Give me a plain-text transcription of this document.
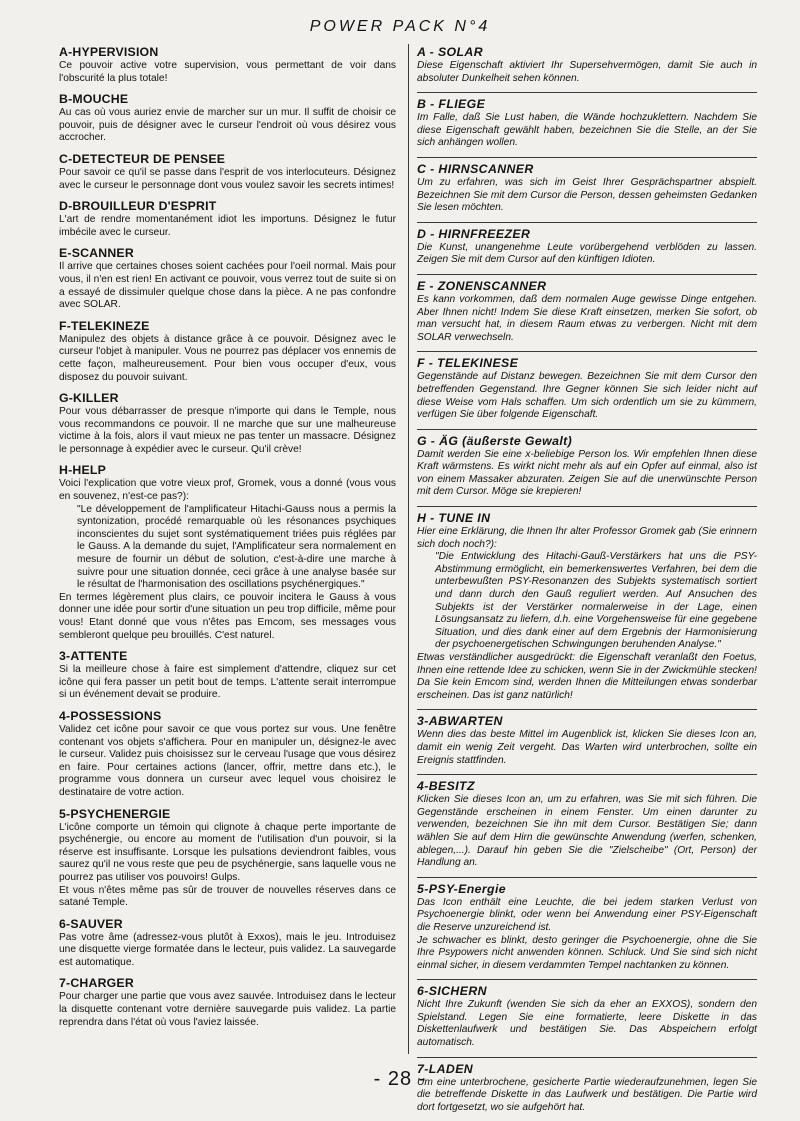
POWER PACK N°4
A-HYPERVISION

Ce pouvoir active votre supervision, vous permettant de voir dans l'obscurité la plus totale!

B-MOUCHE

Au cas où vous auriez envie de marcher sur un mur. Il suffit de choisir ce pouvoir, puis de désigner avec le curseur l'endroit où vous désirez vous accrocher.

C-DETECTEUR DE PENSEE

Pour savoir ce qu'il se passe dans l'esprit de vos interlocuteurs. Désignez avec le curseur le personnage dont vous voulez savoir les secrets intimes!

D-BROUILLEUR D'ESPRIT

L'art de rendre momentanément idiot les importuns. Désignez le futur imbécile avec le curseur.

E-SCANNER

Il arrive que certaines choses soient cachées pour l'oeil normal. Mais pour vous, il n'en est rien! En activant ce pouvoir, vous verrez tout de suite si on a essayé de dissimuler quelque chose dans la pièce. A ne pas confondre avec SOLAR.

F-TELEKINEZE

Manipulez des objets à distance grâce à ce pouvoir. Désignez avec le curseur l'objet à manipuler. Vous ne pourrez pas déplacer vos ennemis de cette façon, malheureusement. Pour bien vous occuper d'eux, vous disposez du pouvoir suivant.

G-KILLER

Pour vous débarrasser de presque n'importe qui dans le Temple, nous vous recommandons ce pouvoir. Il ne marche que sur une malheureuse victime à la fois, alors il vaut mieux ne pas tenter un massacre. Désignez le personnage à expédier avec le curseur. Qu'il crève!

H-HELP

Voici l'explication que votre vieux prof, Gromek, vous a donné (vous vous en souvenez, n'est-ce pas?):

"Le développement de l'amplificateur Hitachi-Gauss nous a permis la syntonization, procédé remarquable où les résonances psychiques inconscientes du sujet sont systématiquement triées puis réglées par le Gauss. A la demande du sujet, l'Amplificateur sera normalement en mesure de fournir un début de solution, c'est-à-dire une marche à suivre pour une situation donnée, ceci grâce à une analyse basée sur le résultat de l'harmonisation des oscillations psychénergiques."

En termes légèrement plus clairs, ce pouvoir incitera le Gauss à vous donner une idée pour sortir d'une situation un peu trop difficile, même pour vous! Etant donné que vous n'êtes pas Emcom, ses messages vous sembleront quelque peu brouillés. C'est naturel.

3-ATTENTE

Si la meilleure chose à faire est simplement d'attendre, cliquez sur cet icône qui fera passer un petit bout de temps. L'attente serait interrompue si un événement devait se produire.

4-POSSESSIONS

Validez cet icône pour savoir ce que vous portez sur vous. Une fenêtre contenant vos objets s'affichera. Pour en manipuler un, désignez-le avec le curseur. Validez puis choisissez sur le cerveau l'usage que vous désirez en faire. Pour certaines actions (lancer, offrir, mettre dans etc.), le programme vous donnera un curseur avec lequel vous choisirez le destinataire de votre action.

5-PSYCHENERGIE

L'icône comporte un témoin qui clignote à chaque perte importante de psychénergie, ou encore au moment de l'utilisation d'un pouvoir, si la réserve est insuffisante. Lorsque les pulsations deviendront faibles, vous saurez qu'il ne vous reste que peu de psychénergie, sans laquelle vous ne pourrez pas utiliser vos pouvoirs! Gulps.

Et vous n'êtes même pas sûr de trouver de nouvelles réserves dans ce satané Temple.

6-SAUVER

Pas votre âme (adressez-vous plutôt à Exxos), mais le jeu. Introduisez une disquette vierge formatée dans le lecteur, puis validez. La sauvegarde est automatique.

7-CHARGER

Pour charger une partie que vous avez sauvée. Introduisez dans le lecteur la disquette contenant votre dernière sauvegarde puis validez. La partie reprendra dans l'état où vous l'aviez laissée.

A - SOLAR

Diese Eigenschaft aktiviert Ihr Supersehvermögen, damit Sie auch in absoluter Dunkelheit sehen können.

B - FLIEGE

Im Falle, daß Sie Lust haben, die Wände hochzuklettern. Nachdem Sie diese Eigenschaft gewählt haben, bezeichnen Sie die Stelle, an der Sie sich anhängen wollen.

C - HIRNSCANNER

Um zu erfahren, was sich im Geist Ihrer Gesprächspartner abspielt. Bezeichnen Sie mit dem Cursor die Person, dessen geheimsten Gedanken Sie lesen möchten.

D - HIRNFREEZER

Die Kunst, unangenehme Leute vorübergehend verblöden zu lassen. Zeigen Sie mit dem Cursor auf den künftigen Idioten.

E - ZONENSCANNER

Es kann vorkommen, daß dem normalen Auge gewisse Dinge entgehen. Aber Ihnen nicht! Indem Sie diese Kraft einsetzen, merken Sie sofort, ob man versucht hat, in diesem Raum etwas zu verbergen. Nicht mit dem SOLAR verwechseln.

F - TELEKINESE

Gegenstände auf Distanz bewegen. Bezeichnen Sie mit dem Cursor den betreffenden Gegenstand. Ihre Gegner können Sie sich leider nicht auf diese Weise vom Hals schaffen. Um sich ordentlich um sie zu kümmern, verfügen Sie über folgende Eigenschaft.

G - ÄG (äußerste Gewalt)

Damit werden Sie eine x-beliebige Person los. Wir empfehlen Ihnen diese Kraft wärmstens. Es wirkt nicht mehr als auf ein Opfer auf einmal, also ist von einem Massaker abzuraten. Zeigen Sie auf die unerwünschte Person mit dem Cursor. Möge sie krepieren!

H - TUNE IN

Hier eine Erklärung, die Ihnen Ihr alter Professor Gromek gab (Sie erinnern sich doch noch?):

"Die Entwicklung des Hitachi-Gauß-Verstärkers hat uns die PSY-Abstimmung ermöglicht, ein bemerkenswertes Verfahren, bei dem die unterbewußten PSY-Resonanzen des Subjekts systematisch sortiert und dann durch den Gauß reguliert werden. Auf Ansuchen des Subjekts ist der Verstärker normalerweise in der Lage, einen Lösungsansatz zu liefern, d.h. eine Vorgehensweise für eine gegebene Situation, und dies dank einer auf dem Ergebnis der Harmonisierung der psychoenergetischen Schwingungen beruhenden Analyse."

Etwas verständlicher ausgedrückt: die Eigenschaft veranlaßt den Foetus, Ihnen eine rettende Idee zu schicken, wenn Sie in der Zwickmühle stecken! Da Sie kein Emcom sind, werden Ihnen die Mitteilungen etwas sonderbar erscheinen. Das ist ganz natürlich!

3-ABWARTEN

Wenn dies das beste Mittel im Augenblick ist, klicken Sie dieses Icon an, damit ein wenig Zeit vergeht. Das Warten wird unterbrochen, sollte ein Ereignis stattfinden.

4-BESITZ

Klicken Sie dieses Icon an, um zu erfahren, was Sie mit sich führen. Die Gegenstände erscheinen in einem Fenster. Um einen darunter zu verwenden, bezeichnen Sie ihn mit dem Cursor. Bestätigen Sie; dann wählen Sie auf dem Hirn die gewünschte Anwendung (werfen, schenken, ablegen,...). Darauf hin geben Sie die "Zielscheibe" (Ort, Person) der Handlung an.

5-PSY-Energie

Das Icon enthält eine Leuchte, die bei jedem starken Verlust von Psychoenergie blinkt, oder wenn bei Anwendung einer PSY-Eigenschaft die Reserve unzureichend ist.

Je schwacher es blinkt, desto geringer die Psychoenergie, ohne die Sie Ihre Psypowers nicht anwenden können. Schluck. Und Sie sind sich nicht einmal sicher, in diesem verdammten Tempel nachtanken zu können.

6-SICHERN

Nicht Ihre Zukunft (wenden Sie sich da eher an EXXOS), sondern den Spielstand. Legen Sie eine formatierte, leere Diskette in das Diskettenlaufwerk und bestätigen Sie. Das Abspeichern erfolgt automatisch.

7-LADEN

Um eine unterbrochene, gesicherte Partie wiederaufzunehmen, legen Sie die betreffende Diskette in das Laufwerk und bestätigen. Die Partie wird dort fortgesetzt, wo sie aufgehört hat.

- 28 -
